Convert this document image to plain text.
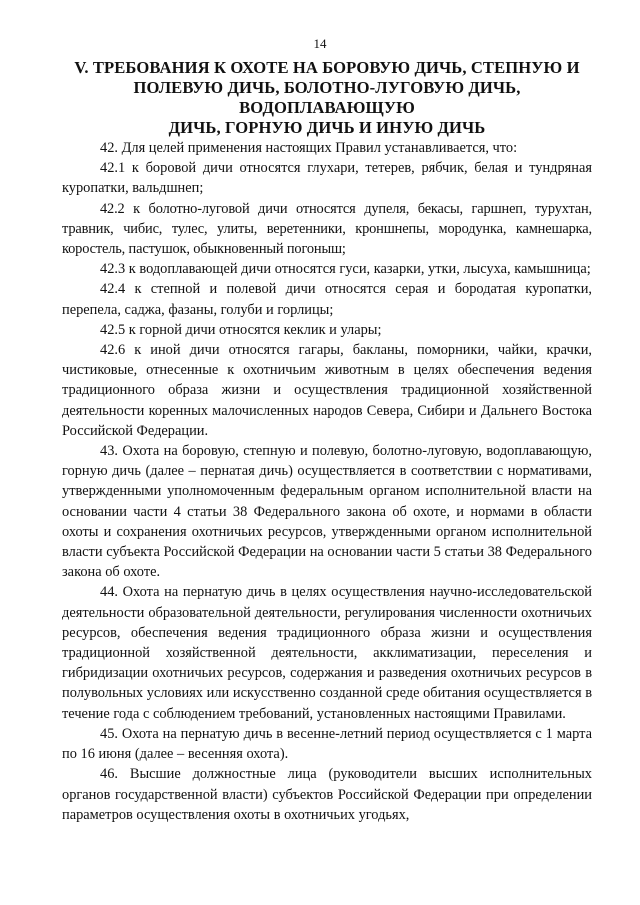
14
V. ТРЕБОВАНИЯ К ОХОТЕ НА БОРОВУЮ ДИЧЬ, СТЕПНУЮ И
ПОЛЕВУЮ ДИЧЬ, БОЛОТНО-ЛУГОВУЮ ДИЧЬ, ВОДОПЛАВАЮЩУЮ
ДИЧЬ, ГОРНУЮ ДИЧЬ И ИНУЮ ДИЧЬ

42. Для целей применения настоящих Правил устанавливается, что:

42.1 к боровой дичи относятся глухари, тетерев, рябчик, белая и тундряная куропатки, вальдшнеп;

42.2 к болотно-луговой дичи относятся дупеля, бекасы, гаршнеп, турухтан, травник, чибис, тулес, улиты, веретенники, кроншнепы, мородунка, камнешарка, коростель, пастушок, обыкновенный погоныш;

42.3 к водоплавающей дичи относятся гуси, казарки, утки, лысуха, камышница;

42.4 к степной и полевой дичи относятся серая и бородатая куропатки, перепела, саджа, фазаны, голуби и горлицы;

42.5 к горной дичи относятся кеклик и улары;

42.6 к иной дичи относятся гагары, бакланы, поморники, чайки, крачки, чистиковые, отнесенные к охотничьим животным в целях обеспечения ведения традиционного образа жизни и осуществления традиционной хозяйственной деятельности коренных малочисленных народов Севера, Сибири и Дальнего Востока Российской Федерации.

43. Охота на боровую, степную и полевую, болотно-луговую, водоплавающую, горную дичь (далее – пернатая дичь) осуществляется в соответствии с нормативами, утвержденными уполномоченным федеральным органом исполнительной власти на основании части 4 статьи 38 Федерального закона об охоте, и нормами в области охоты и сохранения охотничьих ресурсов, утвержденными органом исполнительной власти субъекта Российской Федерации на основании части 5 статьи 38 Федерального закона об охоте.

44. Охота на пернатую дичь в целях осуществления научно-исследовательской деятельности образовательной деятельности, регулирования численности охотничьих ресурсов, обеспечения ведения традиционного образа жизни и осуществления традиционной хозяйственной деятельности, акклиматизации, переселения и гибридизации охотничьих ресурсов, содержания и разведения охотничьих ресурсов в полувольных условиях или искусственно созданной среде обитания осуществляется в течение года с соблюдением требований, установленных настоящими Правилами.

45. Охота на пернатую дичь в весенне-летний период осуществляется с 1 марта по 16 июня (далее – весенняя охота).

46. Высшие должностные лица (руководители высших исполнительных органов государственной власти) субъектов Российской Федерации при определении параметров осуществления охоты в охотничьих угодьях,
